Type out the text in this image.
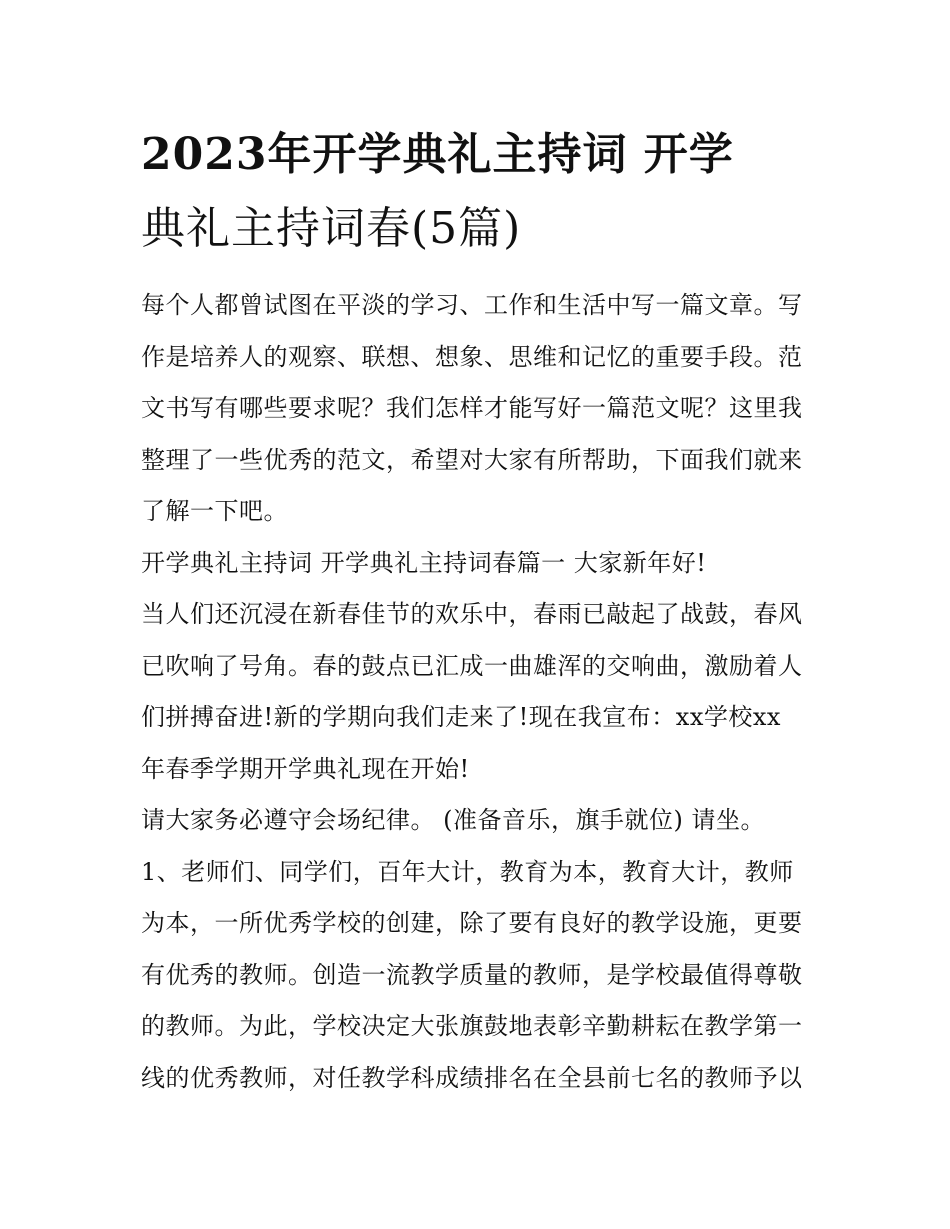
2023年开学典礼主持词 开学
典礼主持词春(5篇)
每个人都曾试图在平淡的学习、工作和生活中写一篇文章。写
作是培养人的观察、联想、想象、思维和记忆的重要手段。范
文书写有哪些要求呢？我们怎样才能写好一篇范文呢？这里我
整理了一些优秀的范文，希望对大家有所帮助，下面我们就来
了解一下吧。
开学典礼主持词 开学典礼主持词春篇一 大家新年好!
当人们还沉浸在新春佳节的欢乐中，春雨已敲起了战鼓，春风
已吹响了号角。春的鼓点已汇成一曲雄浑的交响曲，激励着人
们拼搏奋进!新的学期向我们走来了!现在我宣布：xx学校xx
年春季学期开学典礼现在开始!
请大家务必遵守会场纪律。 (准备音乐，旗手就位) 请坐。
1、老师们、同学们，百年大计，教育为本，教育大计，教师
为本，一所优秀学校的创建，除了要有良好的教学设施，更要
有优秀的教师。创造一流教学质量的教师，是学校最值得尊敬
的教师。为此，学校决定大张旗鼓地表彰辛勤耕耘在教学第一
线的优秀教师，对任教学科成绩排名在全县前七名的教师予以
